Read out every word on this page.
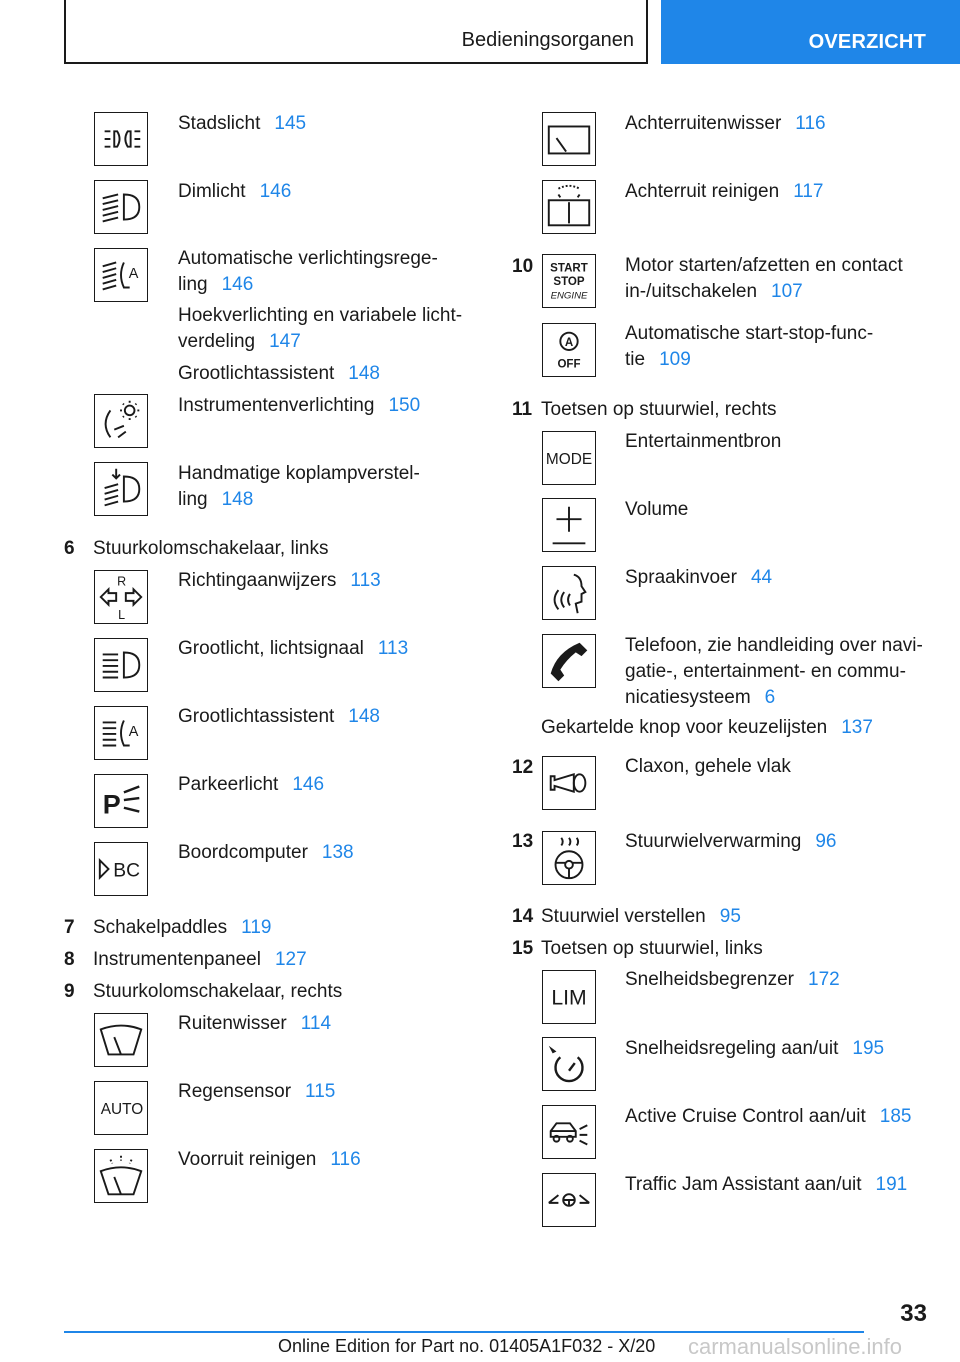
Bedieningsorganen	OVERZICHT
Stadslicht 145
Dimlicht 146
A
Automatische verlichtingsrege-
ling 146
Hoekverlichting en variabele licht-
verdeling 147
Grootlichtassistent 148
Instrumentenverlichting 150
Handmatige koplampverstel-
ling 148
6 Stuurkolomschakelaar, links
R
L
Richtingaanwijzers 113
Grootlicht, lichtsignaal 113
A
Grootlichtassistent 148
P
Parkeerlicht 146
BC
Boordcomputer 138
7 Schakelpaddles 119
8 Instrumentenpaneel 127
9 Stuurkolomschakelaar, rechts
Ruitenwisser 114
AUTO
Regensensor 115
Voorruit reinigen 116
Achterruitenwisser 116
Achterruit reinigen 117
10 START
STOP
ENGINE
Motor starten/afzetten en contact
in-/uitschakelen 107
A
OFF
Automatische start-stop-func-
tie 109
11 Toetsen op stuurwiel, rechts
MODE
Entertainmentbron
Volume
Spraakinvoer 44
Telefoon, zie handleiding over navi-
gatie-, entertainment- en commu-
nicatiesysteem 6
Gekartelde knop voor keuzelijsten 137
12	Claxon, gehele vlak
13	Stuurwielverwarming 96
14 Stuurwiel verstellen 95
15 Toetsen op stuurwiel, links
LIM
Snelheidsbegrenzer 172
Snelheidsregeling aan/uit 195
Active Cruise Control aan/uit 185
Traffic Jam Assistant aan/uit 191
33
Online Edition for Part no. 01405A1F032 - X/20 carmanualsonline.info
